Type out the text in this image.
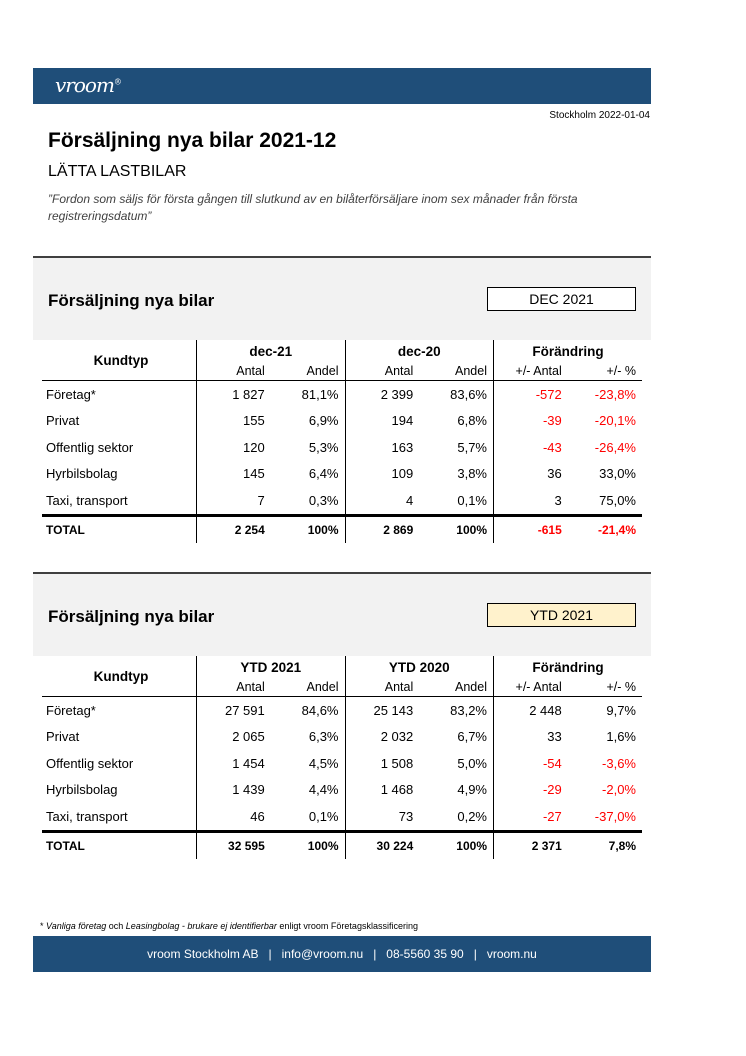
vroom®
Stockholm 2022-01-04
Försäljning nya bilar 2021-12
LÄTTA LASTBILAR
”Fordon som säljs för första gången till slutkund av en bilåterförsäljare inom sex månader från första registreringsdatum”
Försäljning nya bilar	DEC 2021
Kundtyp	dec-21		dec-20		Förändring	
	Antal	Andel	Antal	Andel	+/- Antal	+/- %
Företag*	1 827	81,1%	2 399	83,6%	-572	-23,8%
Privat	155	6,9%	194	6,8%	-39	-20,1%
Offentlig sektor	120	5,3%	163	5,7%	-43	-26,4%
Hyrbilsbolag	145	6,4%	109	3,8%	36	33,0%
Taxi, transport	7	0,3%	4	0,1%	3	75,0%
TOTAL	2 254	100%	2 869	100%	-615	-21,4%
Försäljning nya bilar	YTD 2021
Kundtyp	YTD 2021		YTD 2020		Förändring	
	Antal	Andel	Antal	Andel	+/- Antal	+/- %
Företag*	27 591	84,6%	25 143	83,2%	2 448	9,7%
Privat	2 065	6,3%	2 032	6,7%	33	1,6%
Offentlig sektor	1 454	4,5%	1 508	5,0%	-54	-3,6%
Hyrbilsbolag	1 439	4,4%	1 468	4,9%	-29	-2,0%
Taxi, transport	46	0,1%	73	0,2%	-27	-37,0%
TOTAL	32 595	100%	30 224	100%	2 371	7,8%
* Vanliga företag och Leasingbolag - brukare ej identifierbar enligt vroom Företagsklassificering
vroom Stockholm AB   |   info@vroom.nu   |   08-5560 35 90   |   vroom.nu
